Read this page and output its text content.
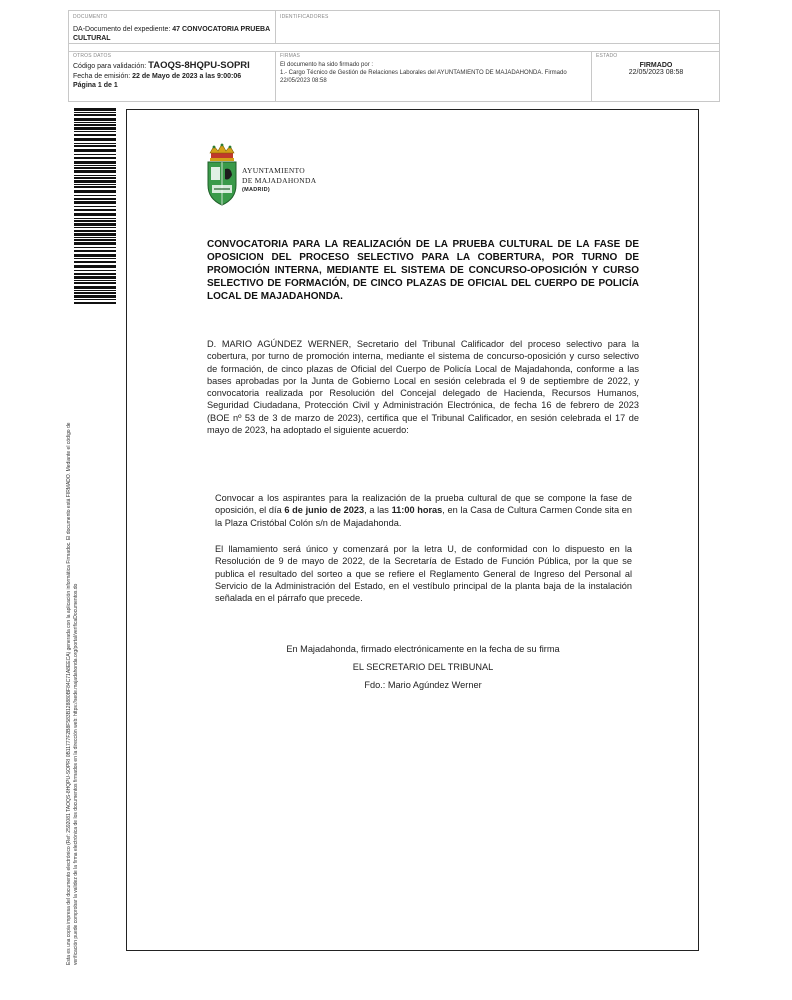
DOCUMENTO
DA-Documento del expediente: 47 CONVOCATORIA PRUEBA CULTURAL
IDENTIFICADORES
OTROS DATOS
Código para validación: TAOQS-8HQPU-SOPRI
Fecha de emisión: 22 de Mayo de 2023 a las 9:00:06
Página 1 de 1
FIRMAS
El documento ha sido firmado por :
1.- Cargo Técnico de Gestión de Relaciones Laborales del AYUNTAMIENTO DE MAJADAHONDA. Firmado 22/05/2023 08:58
ESTADO
FIRMADO
22/05/2023 08:58
Esta es una copia impresa del documento electrónico (Ref: 2592081 TAOQS-8HQPU-SOPRI 0B11777F2B8F583B128880BF84C71A8EECA) generada con la aplicación informática Firmadoc. El documento está FIRMADO. Mediante el código de verificación puede comprobar la validez de la firma electrónica de los documentos firmados en la dirección web: https://sede.majadahonda.org/portal/verificaDocumentos.do
AYUNTAMIENTO
DE MAJADAHONDA
(MADRID)
CONVOCATORIA PARA LA REALIZACIÓN DE LA PRUEBA CULTURAL DE LA FASE DE OPOSICION DEL PROCESO SELECTIVO PARA LA COBERTURA, POR TURNO DE PROMOCIÓN INTERNA, MEDIANTE EL SISTEMA DE CONCURSO-OPOSICIÓN Y CURSO SELECTIVO DE FORMACIÓN, DE CINCO PLAZAS DE OFICIAL DEL CUERPO DE POLICÍA LOCAL DE MAJADAHONDA.
D. MARIO AGÚNDEZ WERNER, Secretario del Tribunal Calificador del proceso selectivo para la cobertura, por turno de promoción interna, mediante el sistema de concurso-oposición y curso selectivo de formación, de cinco plazas de Oficial del Cuerpo de Policía Local de Majadahonda, conforme a las bases aprobadas por la Junta de Gobierno Local en sesión celebrada el 9 de septiembre de 2022, y convocatoria realizada por Resolución del Concejal delegado de Hacienda, Recursos Humanos, Seguridad Ciudadana, Protección Civil y Administración Electrónica, de fecha 16 de febrero de 2023 (BOE nº 53 de 3 de marzo de 2023), certifica que el Tribunal Calificador, en sesión celebrada el 17 de mayo de 2023, ha adoptado el siguiente acuerdo:
Convocar a los aspirantes para la realización de la prueba cultural de que se compone la fase de oposición, el día 6 de junio de 2023, a las 11:00 horas, en la Casa de Cultura Carmen Conde sita en la Plaza Cristóbal Colón s/n de Majadahonda.
El llamamiento será único y comenzará por la letra U, de conformidad con lo dispuesto en la Resolución de 9 de mayo de 2022, de la Secretaría de Estado de Función Pública, por la que se publica el resultado del sorteo a que se refiere el Reglamento General de Ingreso del Personal al Servicio de la Administración del Estado, en el vestíbulo principal de la planta baja de la instalación señalada en el párrafo que precede.
En Majadahonda, firmado electrónicamente en la fecha de su firma
EL SECRETARIO DEL TRIBUNAL
Fdo.: Mario Agúndez Werner
